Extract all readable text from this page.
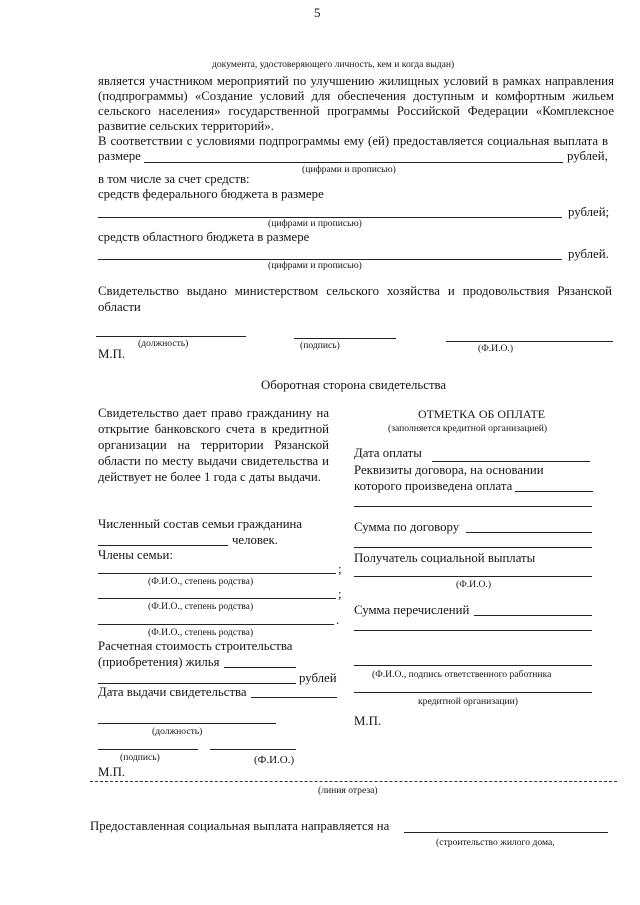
5
документа, удостоверяющего личность, кем и когда выдан)
является участником мероприятий по улучшению жилищных условий в рамках направления
(подпрограммы) «Создание условий для обеспечения доступным и комфортным жильем
сельского населения» государственной программы Российской Федерации «Комплексное
развитие сельских территорий».
В соответствии с условиями подпрограммы ему (ей) предоставляется социальная выплата в
размере	рублей,
(цифрами и прописью)
в том числе за счет средств:
средств федерального бюджета в размере
рублей;
(цифрами и прописью)
средств областного бюджета в размере
рублей.
(цифрами и прописью)
Свидетельство выдано министерством сельского хозяйства и продовольствия Рязанской
области
(должность)	(подпись)	(Ф.И.О.)
М.П.
Оборотная сторона свидетельства
Свидетельство дает право гражданину на
открытие банковского счета в кредитной
организации на территории Рязанской
области по месту выдачи свидетельства и
действует не более 1 года с даты выдачи.
Численный состав семьи гражданина
человек.
Члены семьи:
;
(Ф.И.О., степень родства)
;
(Ф.И.О., степень родства)
.
(Ф.И.О., степень родства)
Расчетная стоимость строительства
(приобретения) жилья
рублей
Дата выдачи свидетельства
(должность)
(подпись)	(Ф.И.О.)
М.П.
ОТМЕТКА ОБ ОПЛАТЕ
(заполняется кредитной организацией)
Дата оплаты
Реквизиты договора, на основании
которого произведена оплата
Сумма по договору
Получатель социальной выплаты
(Ф.И.О.)
Сумма перечислений
(Ф.И.О., подпись ответственного работника
кредитной организации)
М.П.
(линия отреза)
Предоставленная социальная выплата направляется на
(строительство жилого дома,
